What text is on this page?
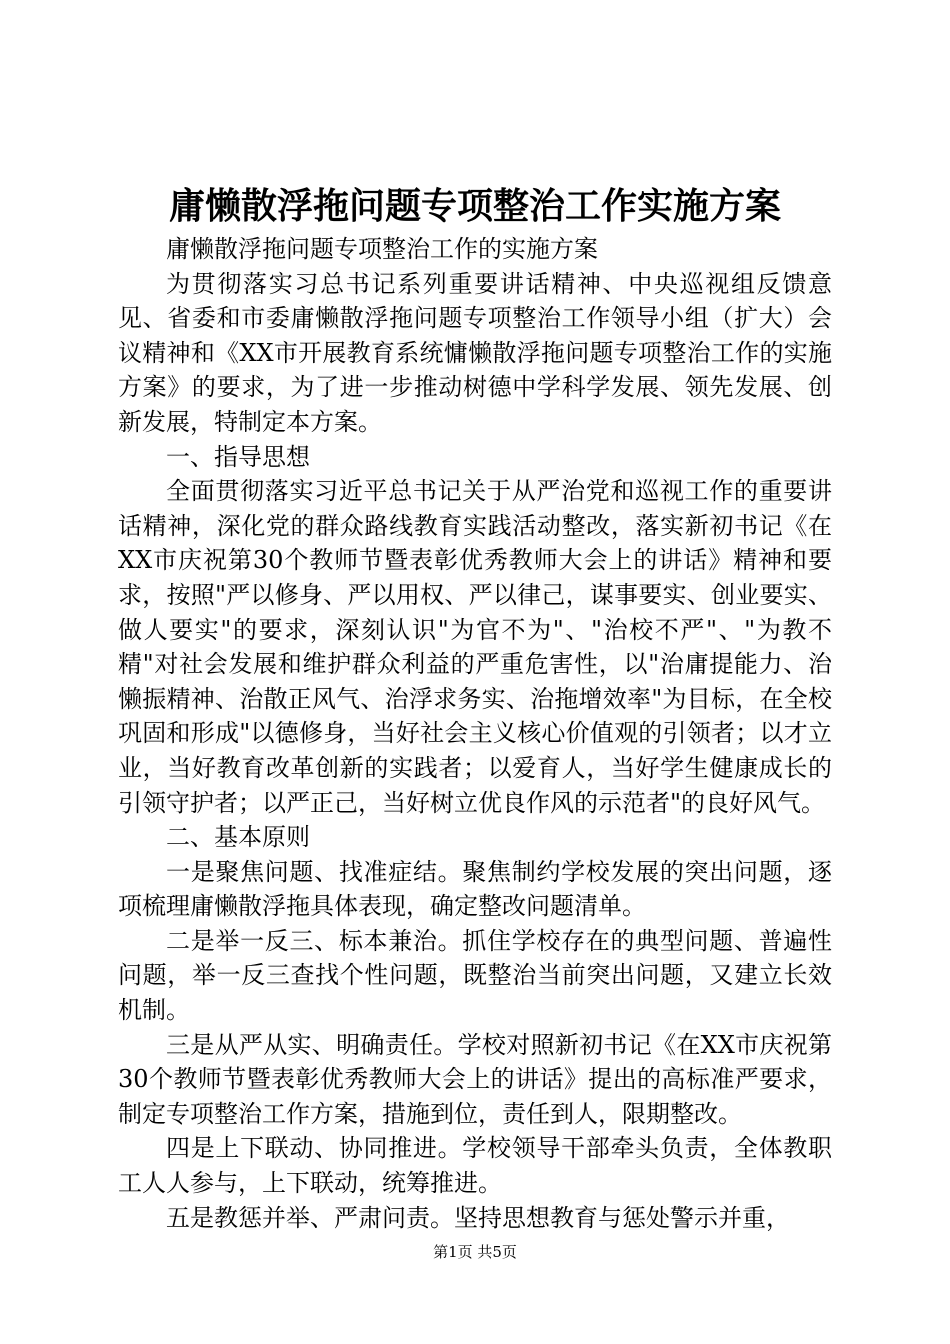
庸懒散浮拖问题专项整治工作实施方案

庸懒散浮拖问题专项整治工作的实施方案

为贯彻落实习总书记系列重要讲话精神、中央巡视组反馈意见、省委和市委庸懒散浮拖问题专项整治工作领导小组（扩大）会议精神和《XX市开展教育系统慵懒散浮拖问题专项整治工作的实施方案》的要求，为了进一步推动树德中学科学发展、领先发展、创新发展，特制定本方案。

一、指导思想

全面贯彻落实习近平总书记关于从严治党和巡视工作的重要讲话精神，深化党的群众路线教育实践活动整改，落实新初书记《在XX市庆祝第30个教师节暨表彰优秀教师大会上的讲话》精神和要求，按照"严以修身、严以用权、严以律己，谋事要实、创业要实、做人要实"的要求，深刻认识"为官不为"、"治校不严"、"为教不精"对社会发展和维护群众利益的严重危害性，以"治庸提能力、治懒振精神、治散正风气、治浮求务实、治拖增效率"为目标，在全校巩固和形成"以德修身，当好社会主义核心价值观的引领者；以才立业，当好教育改革创新的实践者；以爱育人，当好学生健康成长的引领守护者；以严正己，当好树立优良作风的示范者"的良好风气。

二、基本原则

一是聚焦问题、找准症结。聚焦制约学校发展的突出问题，逐项梳理庸懒散浮拖具体表现，确定整改问题清单。

二是举一反三、标本兼治。抓住学校存在的典型问题、普遍性问题，举一反三查找个性问题，既整治当前突出问题，又建立长效机制。

三是从严从实、明确责任。学校对照新初书记《在XX市庆祝第30个教师节暨表彰优秀教师大会上的讲话》提出的高标准严要求，制定专项整治工作方案，措施到位，责任到人，限期整改。

四是上下联动、协同推进。学校领导干部牵头负责，全体教职工人人参与，上下联动，统筹推进。

五是教惩并举、严肃问责。坚持思想教育与惩处警示并重，

第1页 共5页
